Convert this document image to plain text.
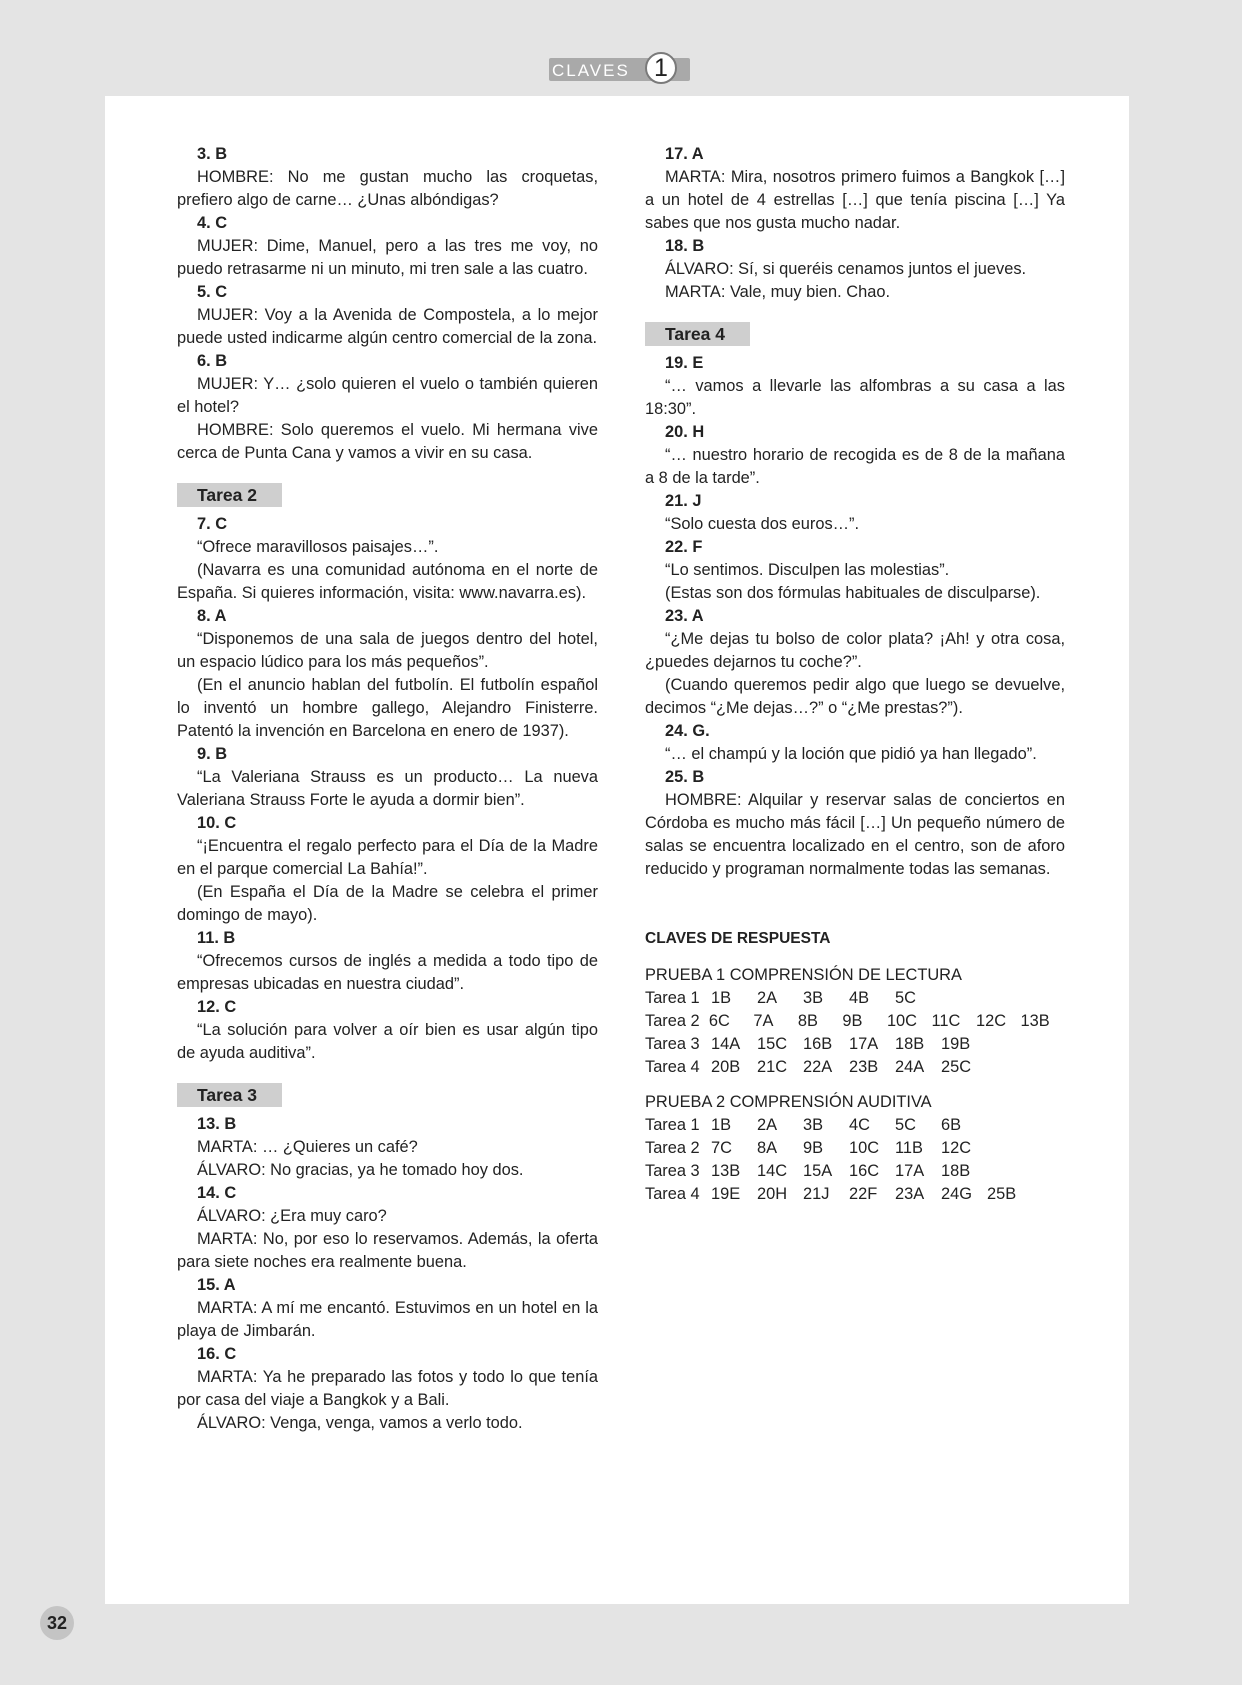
CLAVES 1
3. B
HOMBRE: No me gustan mucho las croquetas, prefiero algo de carne… ¿Unas albóndigas?
4. C
MUJER: Dime, Manuel, pero a las tres me voy, no puedo retrasarme ni un minuto, mi tren sale a las cuatro.
5. C
MUJER: Voy a la Avenida de Compostela, a lo mejor puede usted indicarme algún centro comercial de la zona.
6. B
MUJER: Y… ¿solo quieren el vuelo o también quieren el hotel?
HOMBRE: Solo queremos el vuelo. Mi hermana vive cerca de Punta Cana y vamos a vivir en su casa.
Tarea 2
7. C
“Ofrece maravillosos paisajes…”.
(Navarra es una comunidad autónoma en el norte de España. Si quieres información, visita: www.navarra.es).
8. A
“Disponemos de una sala de juegos dentro del hotel, un espacio lúdico para los más pequeños”.
(En el anuncio hablan del futbolín. El futbolín español lo inventó un hombre gallego, Alejandro Finisterre. Patentó la invención en Barcelona en enero de 1937).
9. B
“La Valeriana Strauss es un producto… La nueva Valeriana Strauss Forte le ayuda a dormir bien”.
10. C
“¡Encuentra el regalo perfecto para el Día de la Madre en el parque comercial La Bahía!”.
(En España el Día de la Madre se celebra el primer domingo de mayo).
11. B
“Ofrecemos cursos de inglés a medida a todo tipo de empresas ubicadas en nuestra ciudad”.
12. C
“La solución para volver a oír bien es usar algún tipo de ayuda auditiva”.
Tarea 3
13. B
MARTA: … ¿Quieres un café?
ÁLVARO: No gracias, ya he tomado hoy dos.
14. C
ÁLVARO: ¿Era muy caro?
MARTA: No, por eso lo reservamos. Además, la oferta para siete noches era realmente buena.
15. A
MARTA: A mí me encantó. Estuvimos en un hotel en la playa de Jimbarán.
16. C
MARTA: Ya he preparado las fotos y todo lo que tenía por casa del viaje a Bangkok y a Bali.
ÁLVARO: Venga, venga, vamos a verlo todo.
17. A
MARTA: Mira, nosotros primero fuimos a Bangkok […] a un hotel de 4 estrellas […] que tenía piscina […] Ya sabes que nos gusta mucho nadar.
18. B
ÁLVARO: Sí, si queréis cenamos juntos el jueves.
MARTA: Vale, muy bien. Chao.
Tarea 4
19. E
“… vamos a llevarle las alfombras a su casa a las 18:30”.
20. H
“… nuestro horario de recogida es de 8 de la mañana a 8 de la tarde”.
21. J
“Solo cuesta dos euros…”.
22. F
“Lo sentimos. Disculpen las molestias”.
(Estas son dos fórmulas habituales de disculparse).
23. A
“¿Me dejas tu bolso de color plata? ¡Ah! y otra cosa, ¿puedes dejarnos tu coche?”.
(Cuando queremos pedir algo que luego se devuelve, decimos “¿Me dejas…?” o “¿Me prestas?”).
24. G.
“… el champú y la loción que pidió ya han llegado”.
25. B
HOMBRE: Alquilar y reservar salas de conciertos en Córdoba es mucho más fácil […] Un pequeño número de salas se encuentra localizado en el centro, son de aforo reducido y programan normalmente todas las semanas.
CLAVES DE RESPUESTA
PRUEBA 1 COMPRENSIÓN DE LECTURA
Tarea 1 1B	2A	3B	4B	5C
Tarea 2 6C	7A	8B	9B	10C 11C 12C 13B
Tarea 3 14A	15C 16B	17A	18B	19B
Tarea 4 20B	21C 22A	23B	24A	25C
PRUEBA 2 COMPRENSIÓN AUDITIVA
Tarea 1 1B	2A	3B	4C	5C	6B
Tarea 2 7C	8A	9B	10C 11B	12C
Tarea 3 13B	14C 15A	16C 17A	18B
Tarea 4 19E	20H 21J	22F	23A	24G 25B
32
